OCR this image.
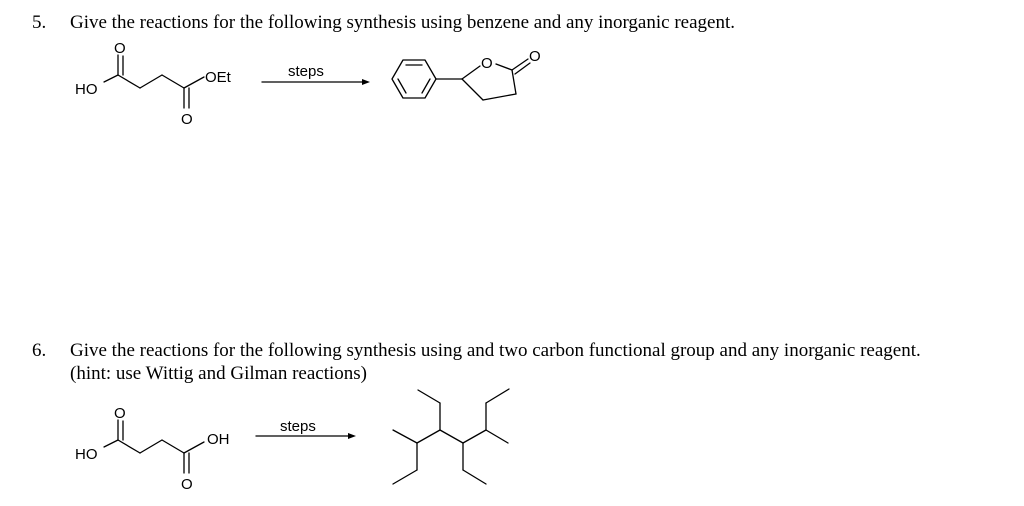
5. Give the reactions for the following synthesis using benzene and any inorganic reagent.
O
HO
OEt
O
steps	O O
6. Give the reactions for the following synthesis using and two carbon functional group and any inorganic reagent.
(hint: use Wittig and Gilman reactions)
O
HO
OH
O
steps
